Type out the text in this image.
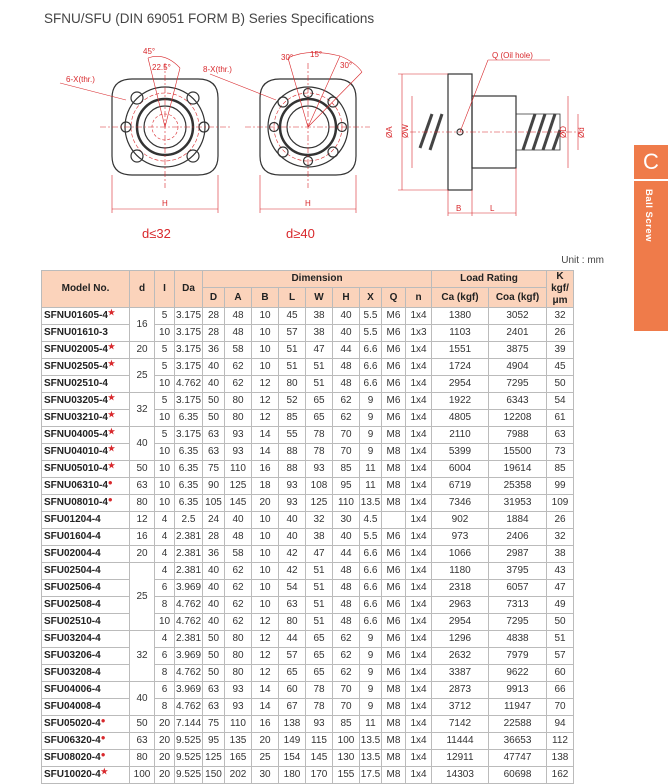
SFNU/SFU (DIN 69051 FORM B) Series Specifications
45°
22.5°
6-X(thr.)
H
d≤32
30° 15°
30°
8-X(thr.)
H
d≥40
Q (Oil hole)
ØA ØW	ØD Ød
B	L
C
Ball Screw
Unit : mm
Model No.	d	I	Da	Dimension									Load Rating		K kgf/ μm
				D	A	B	L	W	H	X	Q	n	Ca (kgf)	Coa (kgf)	
SFNU01605-4★	16	5	3.175	28	48	10	45	38	40	5.5	M6	1x4	1380	3052	32
SFNU01610-3		10	3.175	28	48	10	57	38	40	5.5	M6	1x3	1103	2401	26
SFNU02005-4★	20	5	3.175	36	58	10	51	47	44	6.6	M6	1x4	1551	3875	39
SFNU02505-4★	25	5	3.175	40	62	10	51	51	48	6.6	M6	1x4	1724	4904	45
SFNU02510-4		10	4.762	40	62	12	80	51	48	6.6	M6	1x4	2954	7295	50
SFNU03205-4★	32	5	3.175	50	80	12	52	65	62	9	M6	1x4	1922	6343	54
SFNU03210-4★		10	6.35	50	80	12	85	65	62	9	M6	1x4	4805	12208	61
SFNU04005-4★	40	5	3.175	63	93	14	55	78	70	9	M8	1x4	2110	7988	63
SFNU04010-4★		10	6.35	63	93	14	88	78	70	9	M8	1x4	5399	15500	73
SFNU05010-4★	50	10	6.35	75	110	16	88	93	85	11	M8	1x4	6004	19614	85
SFNU06310-4●	63	10	6.35	90	125	18	93	108	95	11	M8	1x4	6719	25358	99
SFNU08010-4●	80	10	6.35	105	145	20	93	125	110	13.5	M8	1x4	7346	31953	109
SFU01204-4	12	4	2.5	24	40	10	40	32	30	4.5		1x4	902	1884	26
SFU01604-4	16	4	2.381	28	48	10	40	38	40	5.5	M6	1x4	973	2406	32
SFU02004-4	20	4	2.381	36	58	10	42	47	44	6.6	M6	1x4	1066	2987	38
SFU02504-4	25	4	2.381	40	62	10	42	51	48	6.6	M6	1x4	1180	3795	43
SFU02506-4		6	3.969	40	62	10	54	51	48	6.6	M6	1x4	2318	6057	47
SFU02508-4		8	4.762	40	62	10	63	51	48	6.6	M6	1x4	2963	7313	49
SFU02510-4		10	4.762	40	62	12	80	51	48	6.6	M6	1x4	2954	7295	50
SFU03204-4	32	4	2.381	50	80	12	44	65	62	9	M6	1x4	1296	4838	51
SFU03206-4		6	3.969	50	80	12	57	65	62	9	M6	1x4	2632	7979	57
SFU03208-4		8	4.762	50	80	12	65	65	62	9	M6	1x4	3387	9622	60
SFU04006-4	40	6	3.969	63	93	14	60	78	70	9	M8	1x4	2873	9913	66
SFU04008-4		8	4.762	63	93	14	67	78	70	9	M8	1x4	3712	11947	70
SFU05020-4●	50	20	7.144	75	110	16	138	93	85	11	M8	1x4	7142	22588	94
SFU06320-4●	63	20	9.525	95	135	20	149	115	100	13.5	M8	1x4	11444	36653	112
SFU08020-4●	80	20	9.525	125	165	25	154	145	130	13.5	M8	1x4	12911	47747	138
SFU10020-4★	100	20	9.525	150	202	30	180	170	155	17.5	M8	1x4	14303	60698	162
